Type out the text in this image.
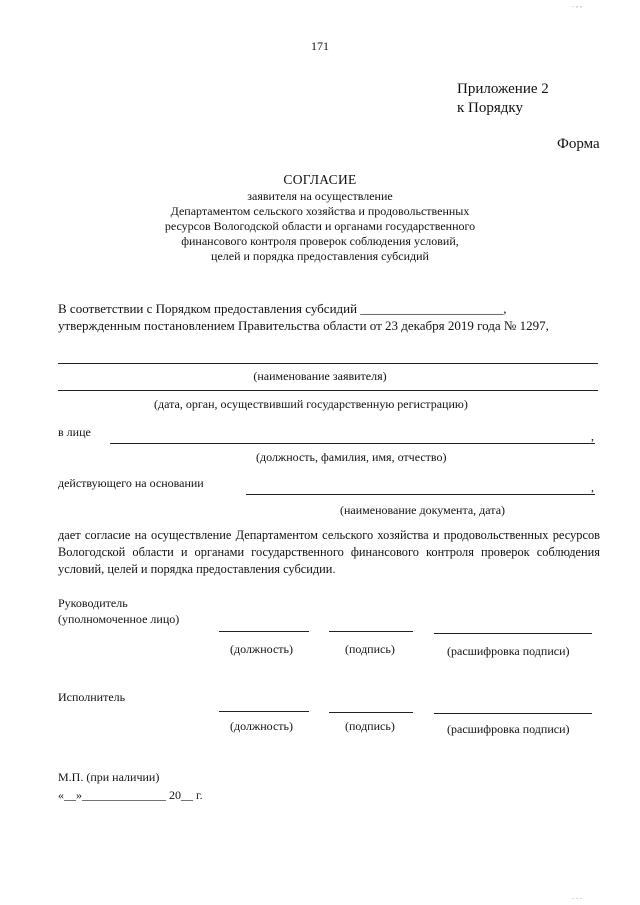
171
Приложение 2
к Порядку
Форма
СОГЛАСИЕ
заявителя на осуществление
Департаментом сельского хозяйства и продовольственных
ресурсов Вологодской области и органами государственного
финансового контроля проверок соблюдения условий,
целей и порядка предоставления субсидий
В соответствии с Порядком предоставления субсидий ______________________,
утвержденным постановлением Правительства области от 23 декабря 2019 года № 1297,
(наименование заявителя)
(дата, орган, осуществивший государственную регистрацию)
в лице	,
(должность, фамилия, имя, отчество)
действующего на основании	,
(наименование документа, дата)
дает согласие на осуществление Департаментом сельского хозяйства и продовольственных ресурсов Вологодской области и органами государственного финансового контроля проверок соблюдения условий, целей и порядка предоставления субсидии.
Руководитель
(уполномоченное лицо)
(должность)	(подпись)	(расшифровка подписи)
Исполнитель
(должность)	(подпись)	(расшифровка подписи)
М.П. (при наличии)
«__»______________ 20__ г.
. , ,
. . .
